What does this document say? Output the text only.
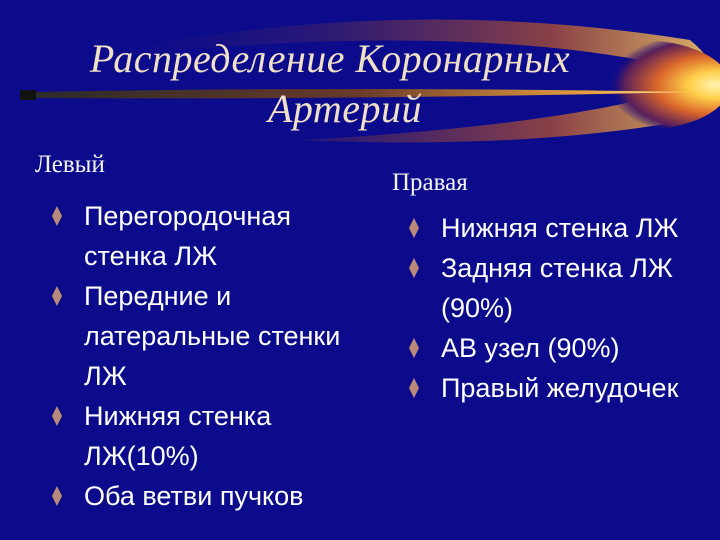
Распределение Коронарных
Артерий
Левый
Правая
Перегородочная стенка ЛЖ
Передние и латеральные стенки ЛЖ
Нижняя стенка ЛЖ(10%)
Оба ветви пучков
Нижняя стенка ЛЖ
Задняя стенка ЛЖ (90%)
АВ узел (90%)
Правый желудочек
